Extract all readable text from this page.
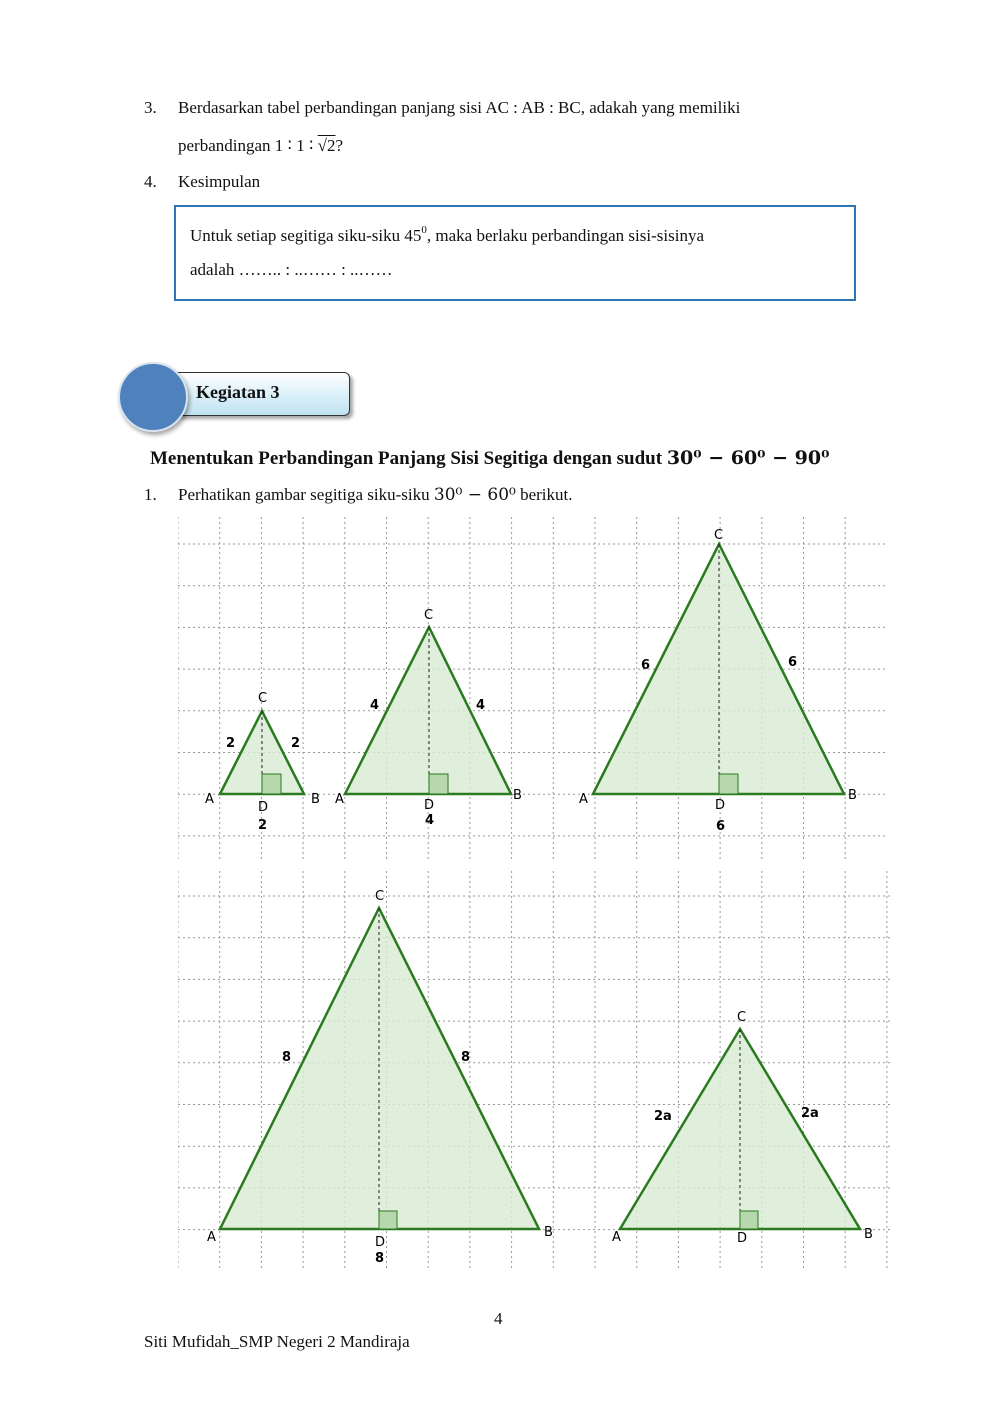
3.	Berdasarkan tabel perbandingan panjang sisi AC : AB : BC, adakah yang memiliki
perbandingan 1 ∶ 1 ∶ √2?
4.	Kesimpulan

Untuk setiap segitiga siku-siku $45^0$, maka berlaku perbandingan sisi-sisinya

adalah …….. : ..…… : ..……

Kegiatan 3
Menentukan Perbandingan Panjang Sisi Segitiga dengan sudut 30⁰ − 60⁰ − 90⁰
1. Perhatikan gambar segitiga siku-siku 30⁰ − 60⁰ berikut.
A	B
C
D
2	2
2
A	B
C
D
4	4
4
A	B
C
D
6	6
6
A	B
C
D
8	8
8
A	B
C
D
2a	2a
4
Siti Mufidah_SMP Negeri 2 Mandiraja
